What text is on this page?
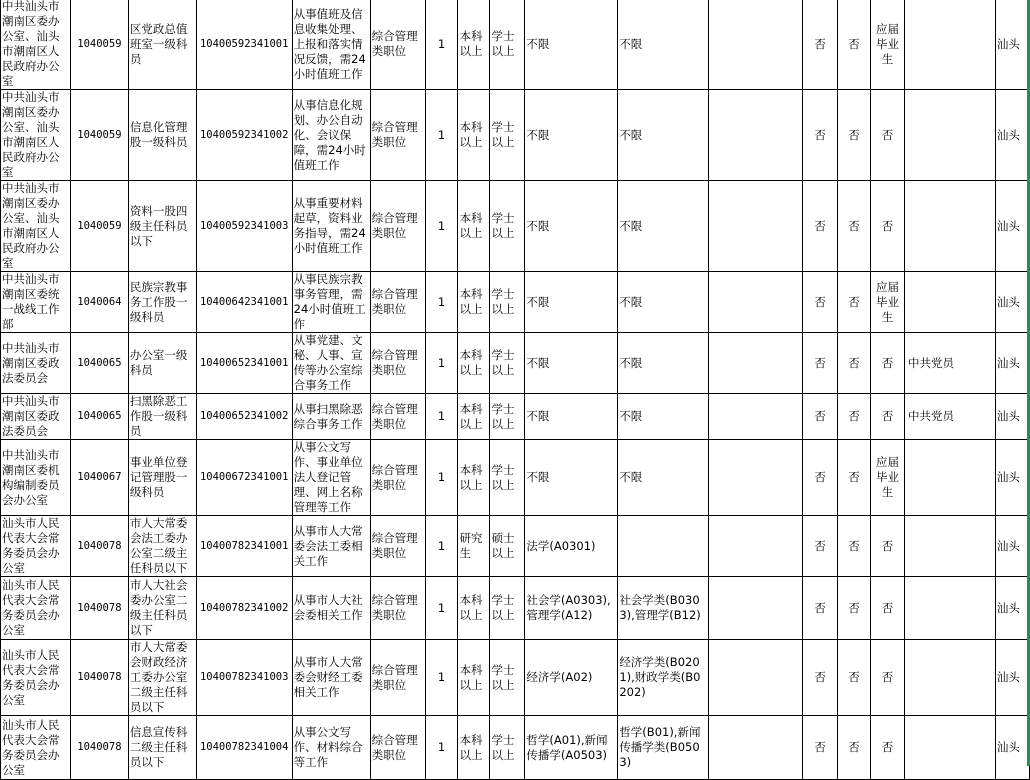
中共汕头市潮南区委办公室、汕头市潮南区人民政府办公室	1040059	区党政总值班室一级科员	10400592341001	从事值班及信息收集处理、上报和落实情况反馈，需24小时值班工作	综合管理类职位	1	本科以上	学士以上	不限	不限		否	否	应届毕业生		汕头
中共汕头市潮南区委办公室、汕头市潮南区人民政府办公室	1040059	信息化管理股一级科员	10400592341002	从事信息化规划、办公自动化、会议保障，需24小时值班工作	综合管理类职位	1	本科以上	学士以上	不限	不限		否	否	否		汕头
中共汕头市潮南区委办公室、汕头市潮南区人民政府办公室	1040059	资料一股四级主任科员以下	10400592341003	从事重要材料起草，资料业务指导，需24小时值班工作	综合管理类职位	1	本科以上	学士以上	不限	不限		否	否	否		汕头
中共汕头市潮南区委统一战线工作部	1040064	民族宗教事务工作股一级科员	10400642341001	从事民族宗教事务管理，需24小时值班工作	综合管理类职位	1	本科以上	学士以上	不限	不限		否	否	应届毕业生		汕头
中共汕头市潮南区委政法委员会	1040065	办公室一级科员	10400652341001	从事党建、文秘、人事、宣传等办公室综合事务工作	综合管理类职位	1	本科以上	学士以上	不限	不限		否	否	否	中共党员	汕头
中共汕头市潮南区委政法委员会	1040065	扫黑除恶工作股一级科员	10400652341002	从事扫黑除恶综合事务工作	综合管理类职位	1	本科以上	学士以上	不限	不限		否	否	否	中共党员	汕头
中共汕头市潮南区委机构编制委员会办公室	1040067	事业单位登记管理股一级科员	10400672341001	从事公文写作、事业单位法人登记管理、网上名称管理等工作	综合管理类职位	1	本科以上	学士以上	不限	不限		否	否	应届毕业生		汕头
汕头市人民代表大会常务委员会办公室	1040078	市人大常委会法工委办公室二级主任科员以下	10400782341001	从事市人大常委会法工委相关工作	综合管理类职位	1	研究生	硕士以上	法学(A0301)			否	否	否		汕头
汕头市人民代表大会常务委员会办公室	1040078	市人大社会委办公室二级主任科员以下	10400782341002	从事市人大社会委相关工作	综合管理类职位	1	本科以上	学士以上	社会学(A0303),管理学(A12)	社会学类(B0303),管理学(B12)		否	否	否		汕头
汕头市人民代表大会常务委员会办公室	1040078	市人大常委会财政经济工委办公室二级主任科员以下	10400782341003	从事市人大常委会财经工委相关工作	综合管理类职位	1	本科以上	学士以上	经济学(A02)	经济学类(B0201),财政学类(B0202)		否	否	否		汕头
汕头市人民代表大会常务委员会办公室	1040078	信息宣传科二级主任科员以下	10400782341004	从事公文写作、材料综合等工作	综合管理类职位	1	本科以上	学士以上	哲学(A01),新闻传播学(A0503)	哲学(B01),新闻传播学类(B0503)		否	否	否		汕头
